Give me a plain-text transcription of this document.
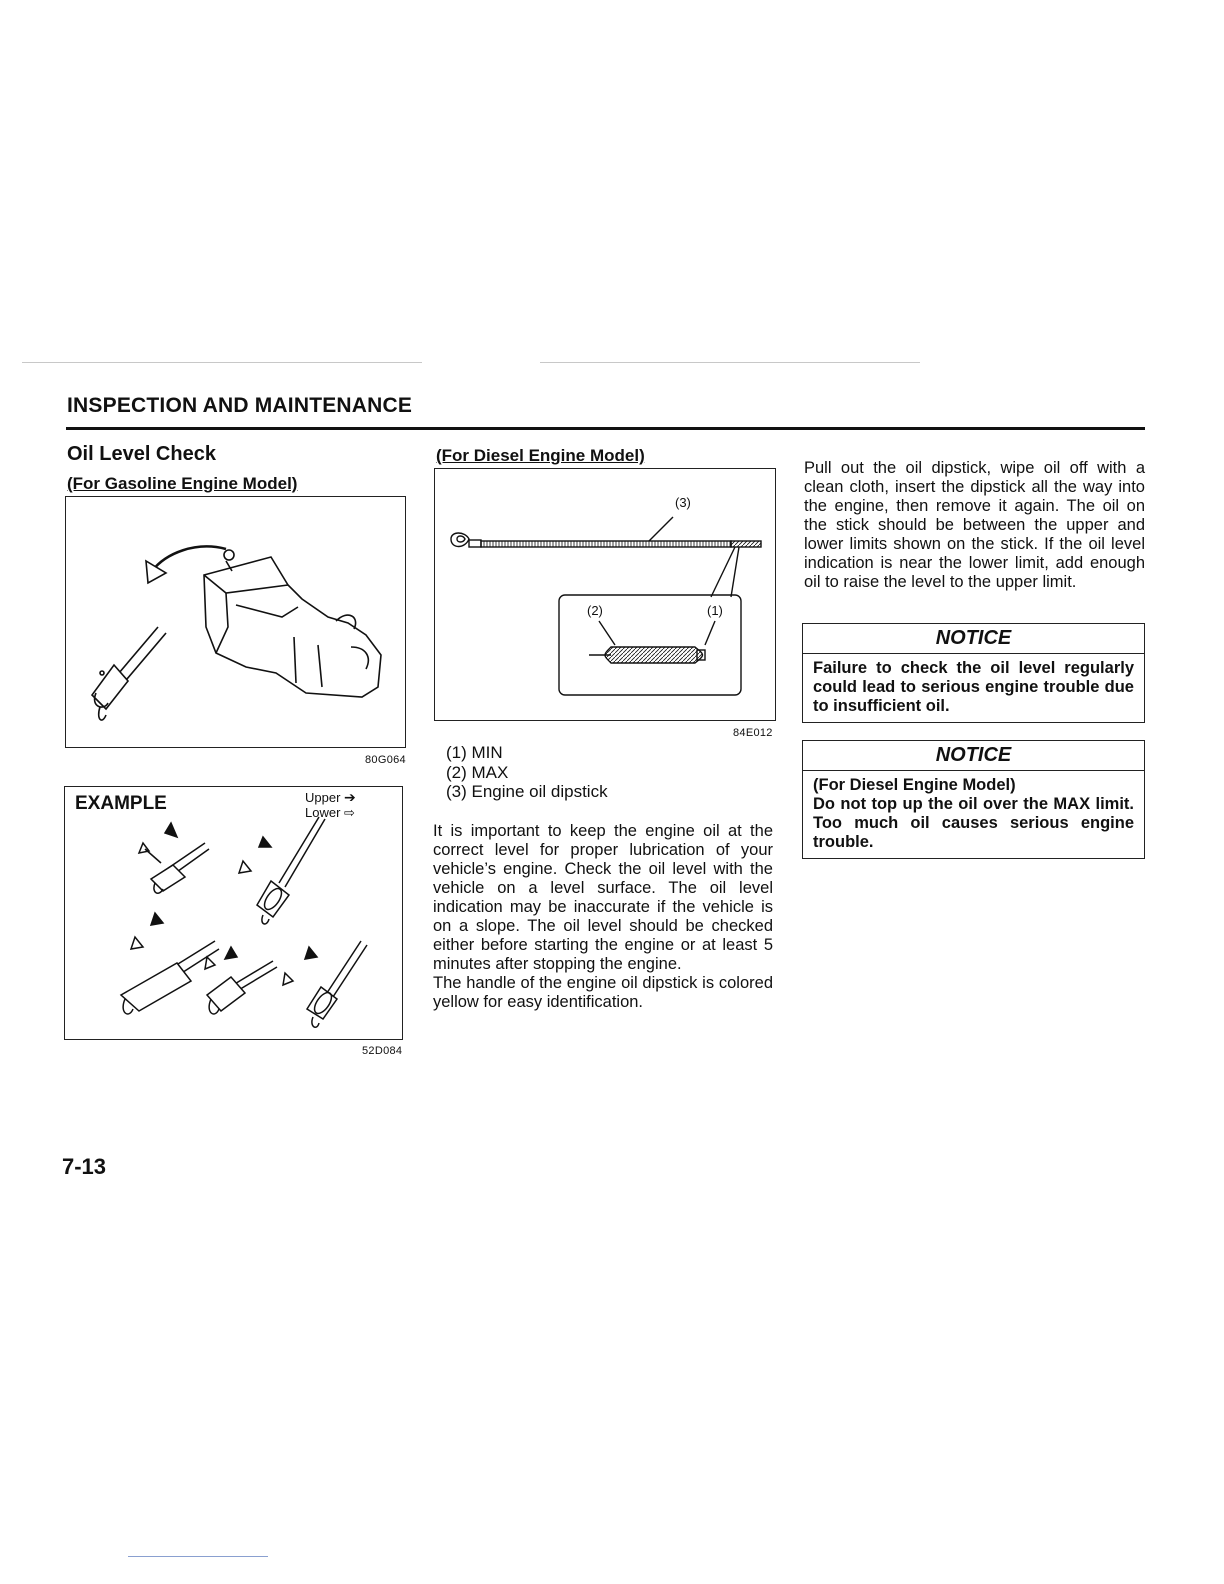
INSPECTION AND MAINTENANCE
Oil Level Check
(For Gasoline Engine Model)
80G064
EXAMPLE	Upper ➔
Lower ⇨
52D084
(For Diesel Engine Model)
(3)
(2)	(1)
84E012
(1) MIN
(2) MAX
(3) Engine oil dipstick

It is important to keep the engine oil at the correct level for proper lubrication of your vehicle’s engine. Check the oil level with the vehicle on a level surface. The oil level indication may be inaccurate if the vehicle is on a slope. The oil level should be checked either before starting the engine or at least 5 minutes after stopping the engine.

The handle of the engine oil dipstick is colored yellow for easy identification.

Pull out the oil dipstick, wipe oil off with a clean cloth, insert the dipstick all the way into the engine, then remove it again. The oil on the stick should be between the upper and lower limits shown on the stick. If the oil level indication is near the lower limit, add enough oil to raise the level to the upper limit.

NOTICE

Failure to check the oil level regularly could lead to serious engine trouble due to insufficient oil.

NOTICE

(For Diesel Engine Model)

Do not top up the oil over the MAX limit. Too much oil causes serious engine trouble.

7-13
